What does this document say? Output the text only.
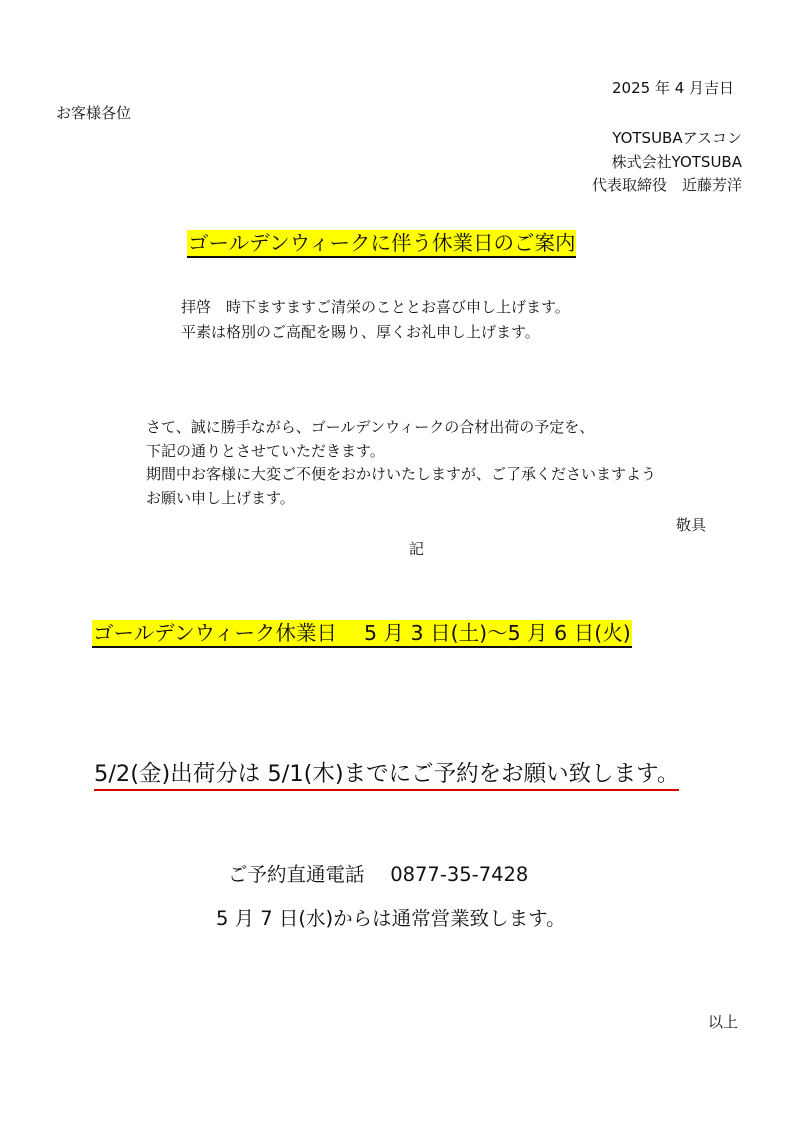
2025 年 4 月吉日
お客様各位
YOTSUBAアスコン
株式会社YOTSUBA
代表取締役　近藤芳洋
ゴールデンウィークに伴う休業日のご案内

拝啓　時下ますますご清栄のこととお喜び申し上げます。

平素は格別のご高配を賜り、厚くお礼申し上げます。

さて、誠に勝手ながら、ゴールデンウィークの合材出荷の予定を、

下記の通りとさせていただきます。

期間中お客様に大変ご不便をおかけいたしますが、ご了承くださいますよう

お願い申し上げます。

敬具
記
ゴールデンウィーク休業日　 5 月 3 日(土)～5 月 6 日(火)
5/2(金)出荷分は 5/1(木)までにご予約をお願い致します。
ご予約直通電話　 0877-35-7428
5 月 7 日(水)からは通常営業致します。
以上
